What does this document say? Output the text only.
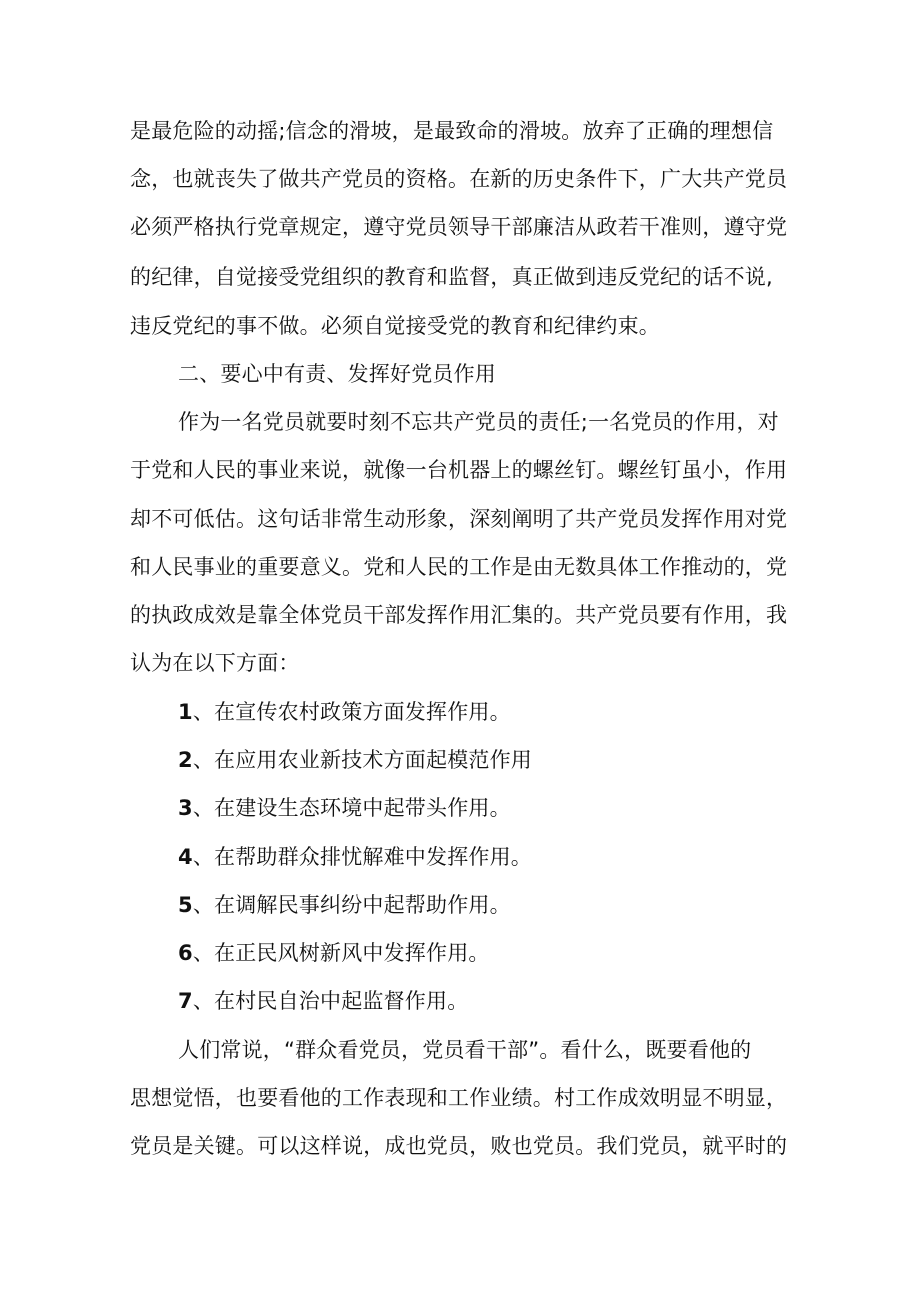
是最危险的动摇;信念的滑坡，是最致命的滑坡。放弃了正确的理想信
念，也就丧失了做共产党员的资格。在新的历史条件下，广大共产党员
必须严格执行党章规定，遵守党员领导干部廉洁从政若干准则，遵守党
的纪律，自觉接受党组织的教育和监督，真正做到违反党纪的话不说,
违反党纪的事不做。必须自觉接受党的教育和纪律约束。
二、要心中有责、发挥好党员作用
作为一名党员就要时刻不忘共产党员的责任;一名党员的作用，对
于党和人民的事业来说，就像一台机器上的螺丝钉。螺丝钉虽小，作用
却不可低估。这句话非常生动形象，深刻阐明了共产党员发挥作用对党
和人民事业的重要意义。党和人民的工作是由无数具体工作推动的，党
的执政成效是靠全体党员干部发挥作用汇集的。共产党员要有作用，我
认为在以下方面：
1、在宣传农村政策方面发挥作用。
2、在应用农业新技术方面起模范作用
3、在建设生态环境中起带头作用。
4、在帮助群众排忧解难中发挥作用。
5、在调解民事纠纷中起帮助作用。
6、在正民风树新风中发挥作用。
7、在村民自治中起监督作用。
人们常说，“群众看党员，党员看干部”。看什么，既要看他的
思想觉悟，也要看他的工作表现和工作业绩。村工作成效明显不明显，
党员是关键。可以这样说，成也党员，败也党员。我们党员，就平时的
